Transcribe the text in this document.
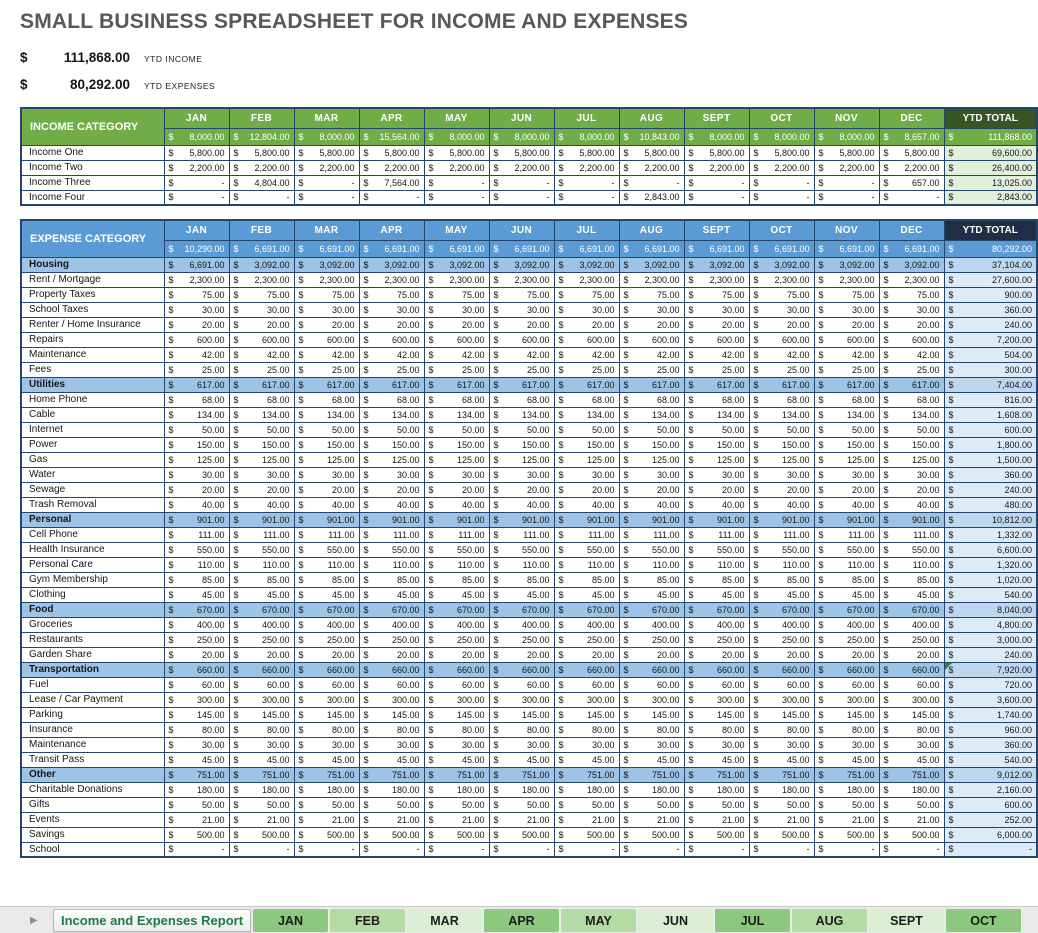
SMALL BUSINESS SPREADSHEET FOR INCOME AND EXPENSES
$	111,868.00 YTD INCOME
$	80,292.00 YTD EXPENSES
INCOME CATEGORY	JAN	FEB	MAR	APR	MAY	JUN	JUL	AUG	SEPT	OCT	NOV	DEC	YTD TOTAL

	$ 8,000.00	$ 12,804.00	$ 8,000.00	$ 15,564.00	$ 8,000.00	$ 8,000.00	$ 8,000.00	$ 10,843.00	$ 8,000.00	$ 8,000.00	$ 8,000.00	$ 8,657.00	$ 111,868.00

Income One	$ 5,800.00	$ 5,800.00	$ 5,800.00	$ 5,800.00	$ 5,800.00	$ 5,800.00	$ 5,800.00	$ 5,800.00	$ 5,800.00	$ 5,800.00	$ 5,800.00	$ 5,800.00	$ 69,600.00

Income Two	$ 2,200.00	$ 2,200.00	$ 2,200.00	$ 2,200.00	$ 2,200.00	$ 2,200.00	$ 2,200.00	$ 2,200.00	$ 2,200.00	$ 2,200.00	$ 2,200.00	$ 2,200.00	$ 26,400.00

Income Three	$ -	$ 4,804.00	$ -	$ 7,564.00	$ -	$ -	$ -	$ -	$ -	$ -	$ -	$ 657.00	$ 13,025.00

Income Four	$ -	$ -	$ -	$ -	$ -	$ -	$ -	$ 2,843.00	$ -	$ -	$ -	$ -	$ 2,843.00
EXPENSE CATEGORY	JAN	FEB	MAR	APR	MAY	JUN	JUL	AUG	SEPT	OCT	NOV	DEC	YTD TOTAL

	$ 10,290.00	$ 6,691.00	$ 6,691.00	$ 6,691.00	$ 6,691.00	$ 6,691.00	$ 6,691.00	$ 6,691.00	$ 6,691.00	$ 6,691.00	$ 6,691.00	$ 6,691.00	$ 80,292.00

Housing	$ 6,691.00	$ 3,092.00	$ 3,092.00	$ 3,092.00	$ 3,092.00	$ 3,092.00	$ 3,092.00	$ 3,092.00	$ 3,092.00	$ 3,092.00	$ 3,092.00	$ 3,092.00	$ 37,104.00

Rent / Mortgage	$ 2,300.00	$ 2,300.00	$ 2,300.00	$ 2,300.00	$ 2,300.00	$ 2,300.00	$ 2,300.00	$ 2,300.00	$ 2,300.00	$ 2,300.00	$ 2,300.00	$ 2,300.00	$ 27,600.00

Property Taxes	$ 75.00	$ 75.00	$ 75.00	$ 75.00	$ 75.00	$ 75.00	$ 75.00	$ 75.00	$ 75.00	$ 75.00	$ 75.00	$ 75.00	$ 900.00

School Taxes	$ 30.00	$ 30.00	$ 30.00	$ 30.00	$ 30.00	$ 30.00	$ 30.00	$ 30.00	$ 30.00	$ 30.00	$ 30.00	$ 30.00	$ 360.00

Renter / Home Insurance	$ 20.00	$ 20.00	$ 20.00	$ 20.00	$ 20.00	$ 20.00	$ 20.00	$ 20.00	$ 20.00	$ 20.00	$ 20.00	$ 20.00	$ 240.00

Repairs	$ 600.00	$ 600.00	$ 600.00	$ 600.00	$ 600.00	$ 600.00	$ 600.00	$ 600.00	$ 600.00	$ 600.00	$ 600.00	$ 600.00	$ 7,200.00

Maintenance	$ 42.00	$ 42.00	$ 42.00	$ 42.00	$ 42.00	$ 42.00	$ 42.00	$ 42.00	$ 42.00	$ 42.00	$ 42.00	$ 42.00	$ 504.00

Fees	$ 25.00	$ 25.00	$ 25.00	$ 25.00	$ 25.00	$ 25.00	$ 25.00	$ 25.00	$ 25.00	$ 25.00	$ 25.00	$ 25.00	$ 300.00

Utilities	$ 617.00	$ 617.00	$ 617.00	$ 617.00	$ 617.00	$ 617.00	$ 617.00	$ 617.00	$ 617.00	$ 617.00	$ 617.00	$ 617.00	$ 7,404.00

Home Phone	$ 68.00	$ 68.00	$ 68.00	$ 68.00	$ 68.00	$ 68.00	$ 68.00	$ 68.00	$ 68.00	$ 68.00	$ 68.00	$ 68.00	$ 816.00

Cable	$ 134.00	$ 134.00	$ 134.00	$ 134.00	$ 134.00	$ 134.00	$ 134.00	$ 134.00	$ 134.00	$ 134.00	$ 134.00	$ 134.00	$ 1,608.00

Internet	$ 50.00	$ 50.00	$ 50.00	$ 50.00	$ 50.00	$ 50.00	$ 50.00	$ 50.00	$ 50.00	$ 50.00	$ 50.00	$ 50.00	$ 600.00

Power	$ 150.00	$ 150.00	$ 150.00	$ 150.00	$ 150.00	$ 150.00	$ 150.00	$ 150.00	$ 150.00	$ 150.00	$ 150.00	$ 150.00	$ 1,800.00

Gas	$ 125.00	$ 125.00	$ 125.00	$ 125.00	$ 125.00	$ 125.00	$ 125.00	$ 125.00	$ 125.00	$ 125.00	$ 125.00	$ 125.00	$ 1,500.00

Water	$ 30.00	$ 30.00	$ 30.00	$ 30.00	$ 30.00	$ 30.00	$ 30.00	$ 30.00	$ 30.00	$ 30.00	$ 30.00	$ 30.00	$ 360.00

Sewage	$ 20.00	$ 20.00	$ 20.00	$ 20.00	$ 20.00	$ 20.00	$ 20.00	$ 20.00	$ 20.00	$ 20.00	$ 20.00	$ 20.00	$ 240.00

Trash Removal	$ 40.00	$ 40.00	$ 40.00	$ 40.00	$ 40.00	$ 40.00	$ 40.00	$ 40.00	$ 40.00	$ 40.00	$ 40.00	$ 40.00	$ 480.00

Personal	$ 901.00	$ 901.00	$ 901.00	$ 901.00	$ 901.00	$ 901.00	$ 901.00	$ 901.00	$ 901.00	$ 901.00	$ 901.00	$ 901.00	$ 10,812.00

Cell Phone	$ 111.00	$ 111.00	$ 111.00	$ 111.00	$ 111.00	$ 111.00	$ 111.00	$ 111.00	$ 111.00	$ 111.00	$ 111.00	$ 111.00	$ 1,332.00

Health Insurance	$ 550.00	$ 550.00	$ 550.00	$ 550.00	$ 550.00	$ 550.00	$ 550.00	$ 550.00	$ 550.00	$ 550.00	$ 550.00	$ 550.00	$ 6,600.00

Personal Care	$ 110.00	$ 110.00	$ 110.00	$ 110.00	$ 110.00	$ 110.00	$ 110.00	$ 110.00	$ 110.00	$ 110.00	$ 110.00	$ 110.00	$ 1,320.00

Gym Membership	$ 85.00	$ 85.00	$ 85.00	$ 85.00	$ 85.00	$ 85.00	$ 85.00	$ 85.00	$ 85.00	$ 85.00	$ 85.00	$ 85.00	$ 1,020.00

Clothing	$ 45.00	$ 45.00	$ 45.00	$ 45.00	$ 45.00	$ 45.00	$ 45.00	$ 45.00	$ 45.00	$ 45.00	$ 45.00	$ 45.00	$ 540.00

Food	$ 670.00	$ 670.00	$ 670.00	$ 670.00	$ 670.00	$ 670.00	$ 670.00	$ 670.00	$ 670.00	$ 670.00	$ 670.00	$ 670.00	$ 8,040.00

Groceries	$ 400.00	$ 400.00	$ 400.00	$ 400.00	$ 400.00	$ 400.00	$ 400.00	$ 400.00	$ 400.00	$ 400.00	$ 400.00	$ 400.00	$ 4,800.00

Restaurants	$ 250.00	$ 250.00	$ 250.00	$ 250.00	$ 250.00	$ 250.00	$ 250.00	$ 250.00	$ 250.00	$ 250.00	$ 250.00	$ 250.00	$ 3,000.00

Garden Share	$ 20.00	$ 20.00	$ 20.00	$ 20.00	$ 20.00	$ 20.00	$ 20.00	$ 20.00	$ 20.00	$ 20.00	$ 20.00	$ 20.00	$ 240.00

Transportation	$ 660.00	$ 660.00	$ 660.00	$ 660.00	$ 660.00	$ 660.00	$ 660.00	$ 660.00	$ 660.00	$ 660.00	$ 660.00	$ 660.00	$ 7,920.00

Fuel	$ 60.00	$ 60.00	$ 60.00	$ 60.00	$ 60.00	$ 60.00	$ 60.00	$ 60.00	$ 60.00	$ 60.00	$ 60.00	$ 60.00	$ 720.00

Lease / Car Payment	$ 300.00	$ 300.00	$ 300.00	$ 300.00	$ 300.00	$ 300.00	$ 300.00	$ 300.00	$ 300.00	$ 300.00	$ 300.00	$ 300.00	$ 3,600.00

Parking	$ 145.00	$ 145.00	$ 145.00	$ 145.00	$ 145.00	$ 145.00	$ 145.00	$ 145.00	$ 145.00	$ 145.00	$ 145.00	$ 145.00	$ 1,740.00

Insurance	$ 80.00	$ 80.00	$ 80.00	$ 80.00	$ 80.00	$ 80.00	$ 80.00	$ 80.00	$ 80.00	$ 80.00	$ 80.00	$ 80.00	$ 960.00

Maintenance	$ 30.00	$ 30.00	$ 30.00	$ 30.00	$ 30.00	$ 30.00	$ 30.00	$ 30.00	$ 30.00	$ 30.00	$ 30.00	$ 30.00	$ 360.00

Transit Pass	$ 45.00	$ 45.00	$ 45.00	$ 45.00	$ 45.00	$ 45.00	$ 45.00	$ 45.00	$ 45.00	$ 45.00	$ 45.00	$ 45.00	$ 540.00

Other	$ 751.00	$ 751.00	$ 751.00	$ 751.00	$ 751.00	$ 751.00	$ 751.00	$ 751.00	$ 751.00	$ 751.00	$ 751.00	$ 751.00	$ 9,012.00

Charitable Donations	$ 180.00	$ 180.00	$ 180.00	$ 180.00	$ 180.00	$ 180.00	$ 180.00	$ 180.00	$ 180.00	$ 180.00	$ 180.00	$ 180.00	$ 2,160.00

Gifts	$ 50.00	$ 50.00	$ 50.00	$ 50.00	$ 50.00	$ 50.00	$ 50.00	$ 50.00	$ 50.00	$ 50.00	$ 50.00	$ 50.00	$ 600.00

Events	$ 21.00	$ 21.00	$ 21.00	$ 21.00	$ 21.00	$ 21.00	$ 21.00	$ 21.00	$ 21.00	$ 21.00	$ 21.00	$ 21.00	$ 252.00

Savings	$ 500.00	$ 500.00	$ 500.00	$ 500.00	$ 500.00	$ 500.00	$ 500.00	$ 500.00	$ 500.00	$ 500.00	$ 500.00	$ 500.00	$ 6,000.00

School	$ -	$ -	$ -	$ -	$ -	$ -	$ -	$ -	$ -	$ -	$ -	$ -	$ -
▶	Income and Expenses Report	JAN	FEB	MAR	APR	MAY	JUN	JUL	AUG	SEPT	OCT
